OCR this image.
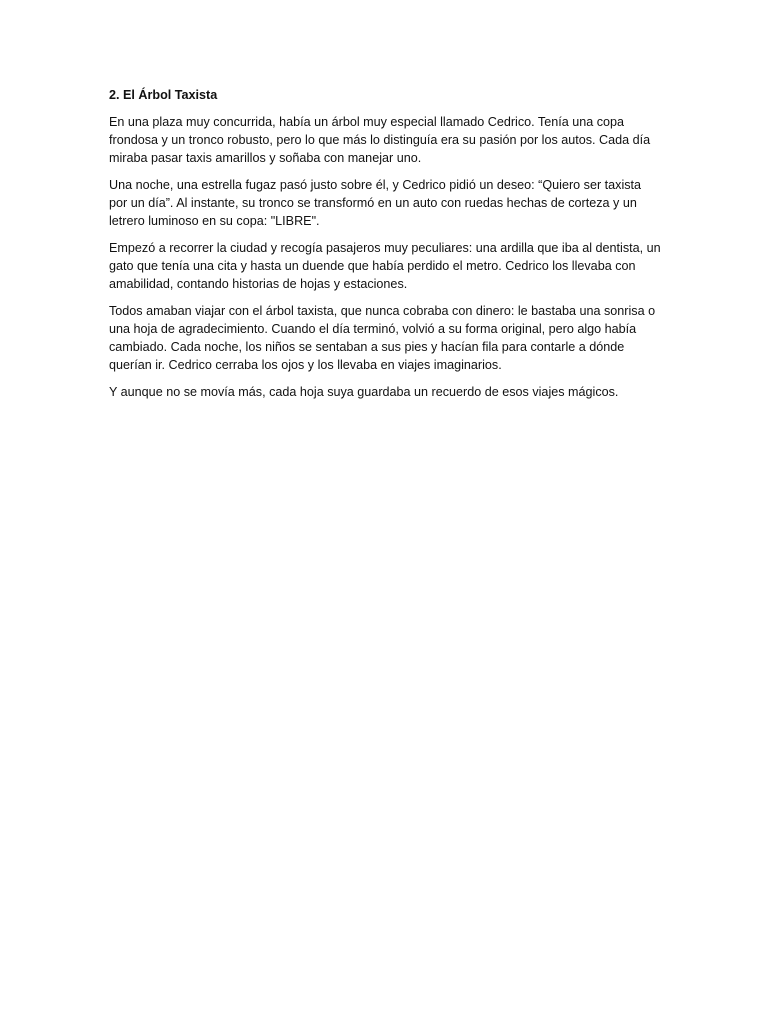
2. El Árbol Taxista

En una plaza muy concurrida, había un árbol muy especial llamado Cedrico. Tenía una copa frondosa y un tronco robusto, pero lo que más lo distinguía era su pasión por los autos. Cada día miraba pasar taxis amarillos y soñaba con manejar uno.

Una noche, una estrella fugaz pasó justo sobre él, y Cedrico pidió un deseo: “Quiero ser taxista por un día”. Al instante, su tronco se transformó en un auto con ruedas hechas de corteza y un letrero luminoso en su copa: "LIBRE".

Empezó a recorrer la ciudad y recogía pasajeros muy peculiares: una ardilla que iba al dentista, un gato que tenía una cita y hasta un duende que había perdido el metro. Cedrico los llevaba con amabilidad, contando historias de hojas y estaciones.

Todos amaban viajar con el árbol taxista, que nunca cobraba con dinero: le bastaba una sonrisa o una hoja de agradecimiento. Cuando el día terminó, volvió a su forma original, pero algo había cambiado. Cada noche, los niños se sentaban a sus pies y hacían fila para contarle a dónde querían ir. Cedrico cerraba los ojos y los llevaba en viajes imaginarios.

Y aunque no se movía más, cada hoja suya guardaba un recuerdo de esos viajes mágicos.
